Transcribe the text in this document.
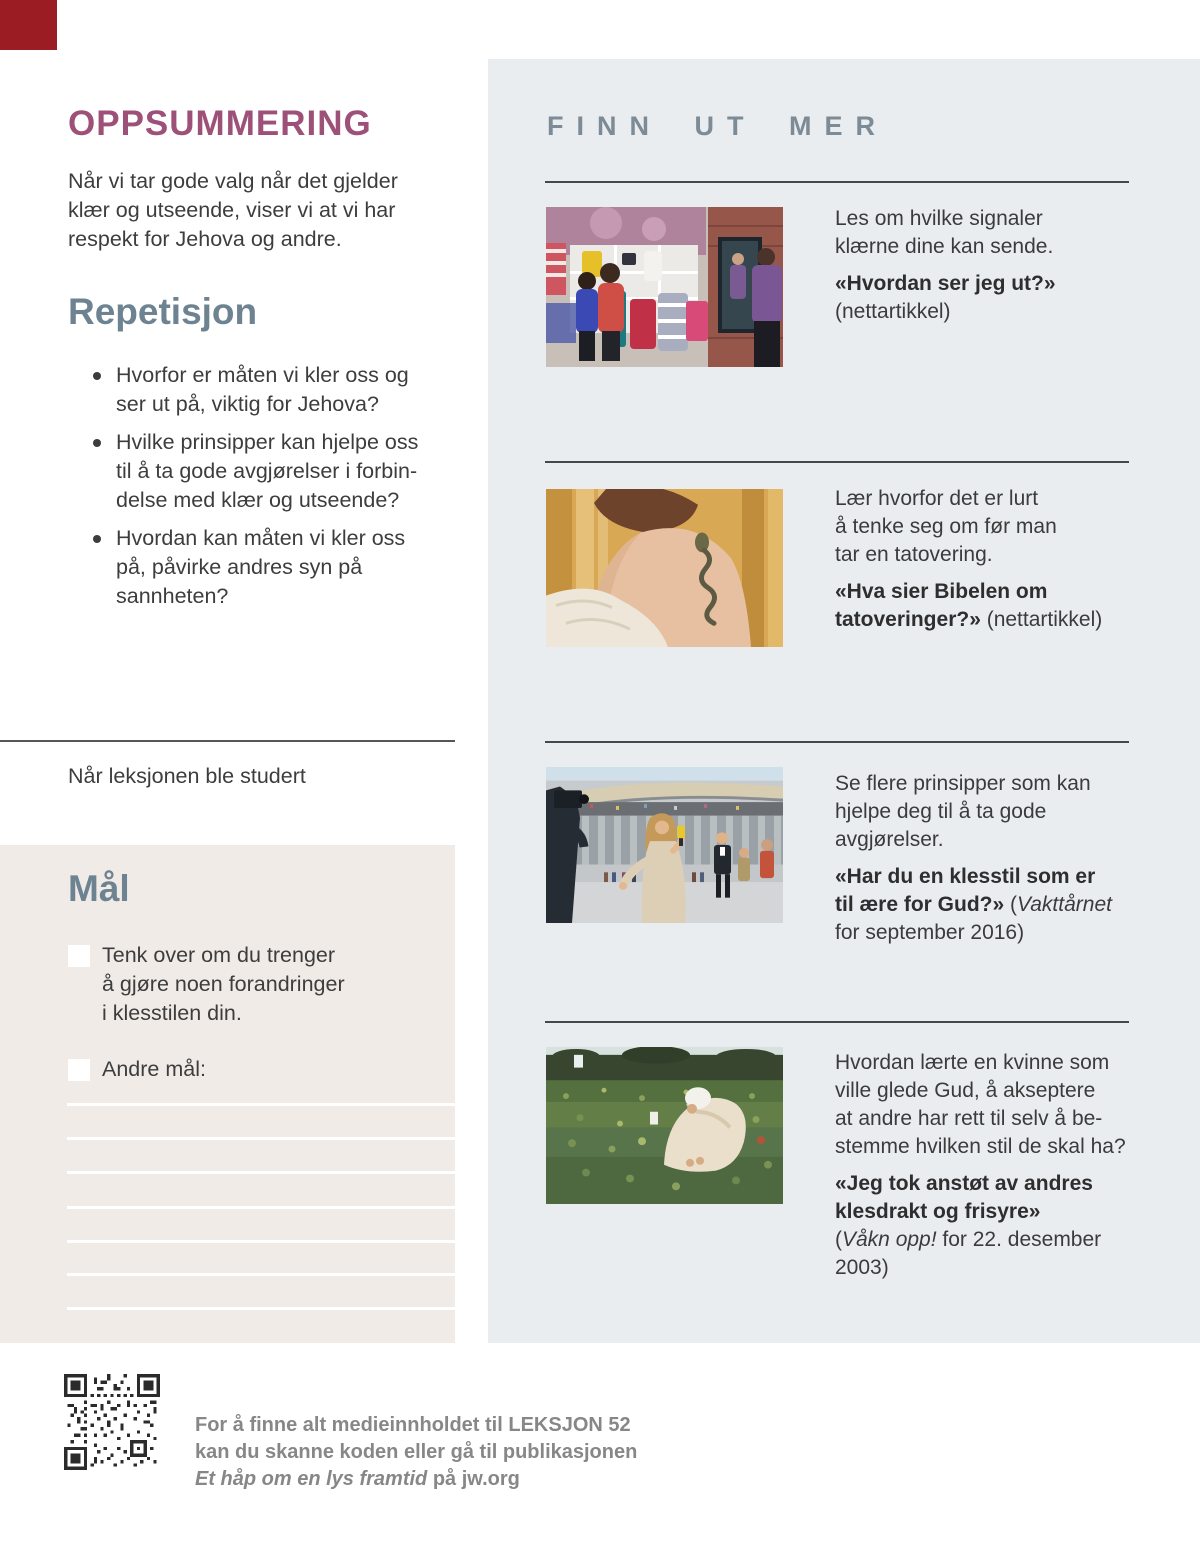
OPPSUMMERING
Når vi tar gode valg når det gjelder
klær og utseende, viser vi at vi har
respekt for Jehova og andre.
Repetisjon
Hvorfor er måten vi kler oss og
ser ut på, viktig for Jehova?
Hvilke prinsipper kan hjelpe oss
til å ta gode avgjørelser i forbin-
delse med klær og utseende?
Hvordan kan måten vi kler oss
på, påvirke andres syn på
sannheten?
Når leksjonen ble studert
Mål
Tenk over om du trenger
å gjøre noen forandringer
i klesstilen din.
Andre mål:
FINN UT MER
Les om hvilke signaler
klærne dine kan sende.
«Hvordan ser jeg ut?»
(nettartikkel)
Lær hvorfor det er lurt
å tenke seg om før man
tar en tatovering.
«Hva sier Bibelen om
tatoveringer?» (nettartikkel)
Se flere prinsipper som kan
hjelpe deg til å ta gode
avgjørelser.
«Har du en klesstil som er
til ære for Gud?» (Vakttårnet
for september 2016)
Hvordan lærte en kvinne som
ville glede Gud, å akseptere
at andre har rett til selv å be-
stemme hvilken stil de skal ha?
«Jeg tok anstøt av andres
klesdrakt og frisyre»
(Våkn opp! for 22. desember
2003)
For å finne alt medieinnholdet til LEKSJON 52
kan du skanne koden eller gå til publikasjonen
Et håp om en lys framtid på jw.org
